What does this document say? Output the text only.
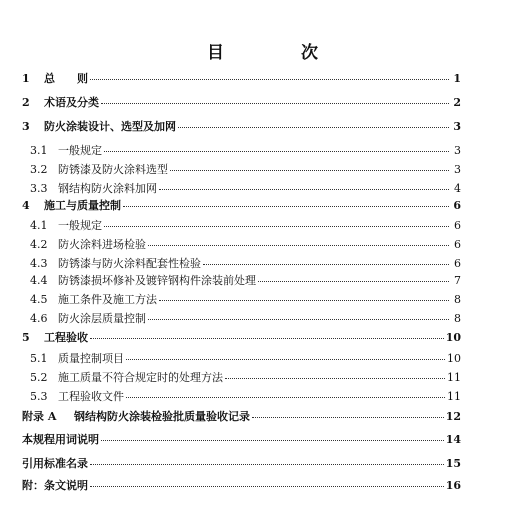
目　次
1	总　　则	1
2	术语及分类	2
3	防火涂装设计、选型及加网	3
3.1 一般规定	3
3.2 防锈漆及防火涂料选型	3
3.3 钢结构防火涂料加网	4
4	施工与质量控制	6
4.1 一般规定	6
4.2 防火涂料进场检验	6
4.3 防锈漆与防火涂料配套性检验	6
4.4 防锈漆损坏修补及镀锌钢构件涂装前处理	7
4.5 施工条件及施工方法	8
4.6 防火涂层质量控制	8
5	工程验收	10
5.1 质量控制项目	10
5.2 施工质量不符合规定时的处理方法	11
5.3 工程验收文件	11
附录 A	钢结构防火涂装检验批质量验收记录	12
本规程用词说明	14
引用标准名录	15
附：条文说明	16
